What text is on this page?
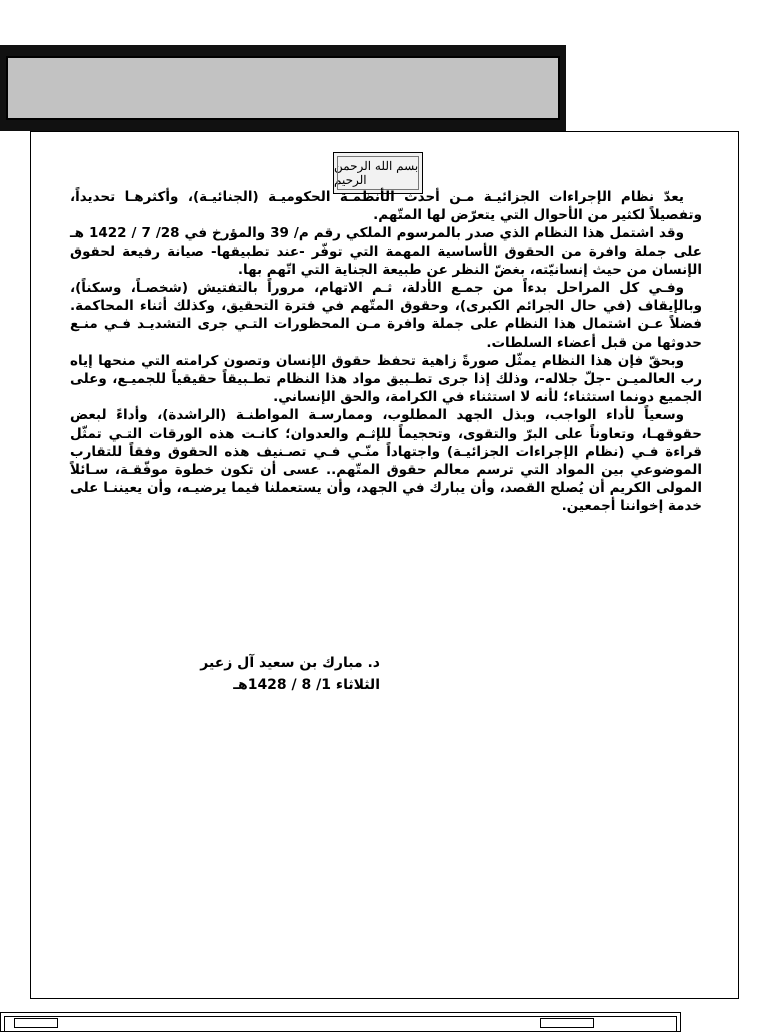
بسم الله الرحمن الرحيم

يعدّ نظام الإجراءات الجزائيـة مـن أحدث الأنظمـة الحكوميـة (الجنائيـة)، وأكثرهـا تحديداً، وتفصيلاً لكثير من الأحوال التي يتعرّض لها المتّهم.

وقد اشتمل هذا النظام الذي صدر بالمرسوم الملكي رقم م/ 39 والمؤرخ في 28/ 7 / 1422 هـ على جملة وافرة من الحقوق الأساسية المهمة التي توفّر -عند تطبيقها- صيانة رفيعة لحقوق الإنسان من حيث إنسانيّته، بغضّ النظر عن طبيعة الجناية التي اتّهم بها.

وفـي كل المراحل بدءاً من جمـع الأدلة، ثـم الاتهام، مروراً بالتفتيش (شخصـاً، وسكناً)، وبالإيقاف (في حال الجرائم الكبرى)، وحقوق المتّهم في فترة التحقيق، وكذلك أثناء المحاكمة. فضلاً عـن اشتمال هذا النظام على جملة وافرة مـن المحظورات التـي جرى التشديـد فـي منـع حدوثها من قبل أعضاء السلطات.

وبحقّ فإن هذا النظام يمثّل صورةً زاهية تحفظ حقوق الإنسان وتصون كرامته التي منحها إياه رب العالميـن -جلّ جلاله-، وذلك إذا جرى تطـبيق مواد هذا النظام تطـبيقاً حقيقياً للجميـع، وعلى الجميع دونما استثناء؛ لأنه لا استثناء في الكرامة، والحق الإنساني.

وسعياً لأداء الواجب، وبذل الجهد المطلوب، وممارسـة المواطنـة (الراشدة)، وأداءً لبعض حقوقهـا، وتعاوناً على البرّ والتقوى، وتحجيماً للإثـم والعدوان؛ كانـت هذه الورقات التـي تمثّل قراءة فـي (نظام الإجراءات الجزائيـة) واجتهاداً منّـي فـي تصـنيف هذه الحقوق وفقاً للتقارب الموضوعي بين المواد التي ترسم معالم حقوق المتّهم.. عسى أن تكون خطوة موفّقـة، سـائلاً المولى الكريم أن يُصلح القصد، وأن يبارك في الجهد، وأن يستعملنا فيما يرضيـه، وأن يعيننـا على خدمة إخواننا أجمعين.

د. مبارك بن سعيد آل زعير
الثلاثاء 1/ 8 / 1428هـ
